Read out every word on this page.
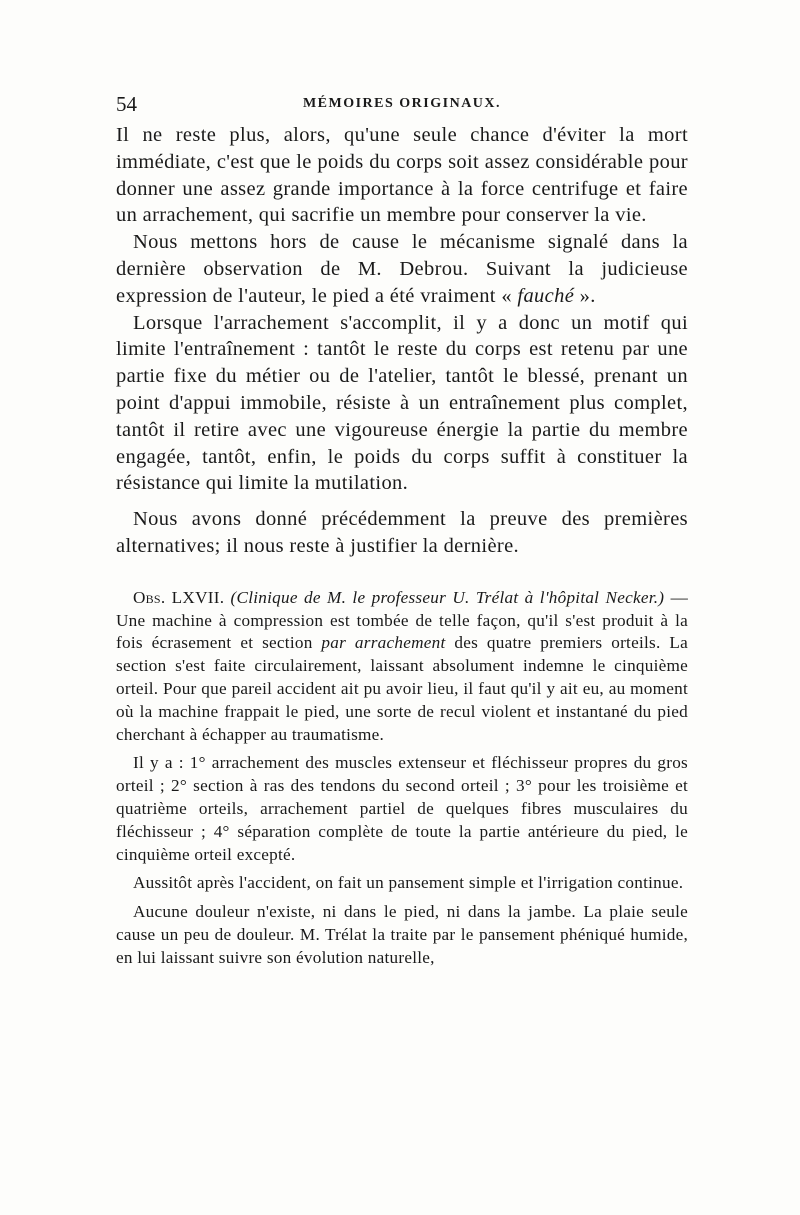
54	MÉMOIRES ORIGINAUX.

Il ne reste plus, alors, qu'une seule chance d'éviter la mort immédiate, c'est que le poids du corps soit assez considérable pour donner une assez grande importance à la force centrifuge et faire un arrachement, qui sacrifie un membre pour conserver la vie.

Nous mettons hors de cause le mécanisme signalé dans la dernière observation de M. Debrou. Suivant la judicieuse expression de l'auteur, le pied a été vraiment « fauché ».

Lorsque l'arrachement s'accomplit, il y a donc un motif qui limite l'entraînement : tantôt le reste du corps est retenu par une partie fixe du métier ou de l'atelier, tantôt le blessé, prenant un point d'appui immobile, résiste à un entraînement plus complet, tantôt il retire avec une vigoureuse énergie la partie du membre engagée, tantôt, enfin, le poids du corps suffit à constituer la résistance qui limite la mutilation.

Nous avons donné précédemment la preuve des premières alternatives; il nous reste à justifier la dernière.

Obs. LXVII. (Clinique de M. le professeur U. Trélat à l'hôpital Necker.) — Une machine à compression est tombée de telle façon, qu'il s'est produit à la fois écrasement et section par arrachement des quatre premiers orteils. La section s'est faite circulairement, laissant absolument indemne le cinquième orteil. Pour que pareil accident ait pu avoir lieu, il faut qu'il y ait eu, au moment où la machine frappait le pied, une sorte de recul violent et instantané du pied cherchant à échapper au traumatisme.

Il y a : 1° arrachement des muscles extenseur et fléchisseur propres du gros orteil ; 2° section à ras des tendons du second orteil ; 3° pour les troisième et quatrième orteils, arrachement partiel de quelques fibres musculaires du fléchisseur ; 4° séparation complète de toute la partie antérieure du pied, le cinquième orteil excepté.

Aussitôt après l'accident, on fait un pansement simple et l'irrigation continue.

Aucune douleur n'existe, ni dans le pied, ni dans la jambe. La plaie seule cause un peu de douleur. M. Trélat la traite par le pansement phéniqué humide, en lui laissant suivre son évolution naturelle,
